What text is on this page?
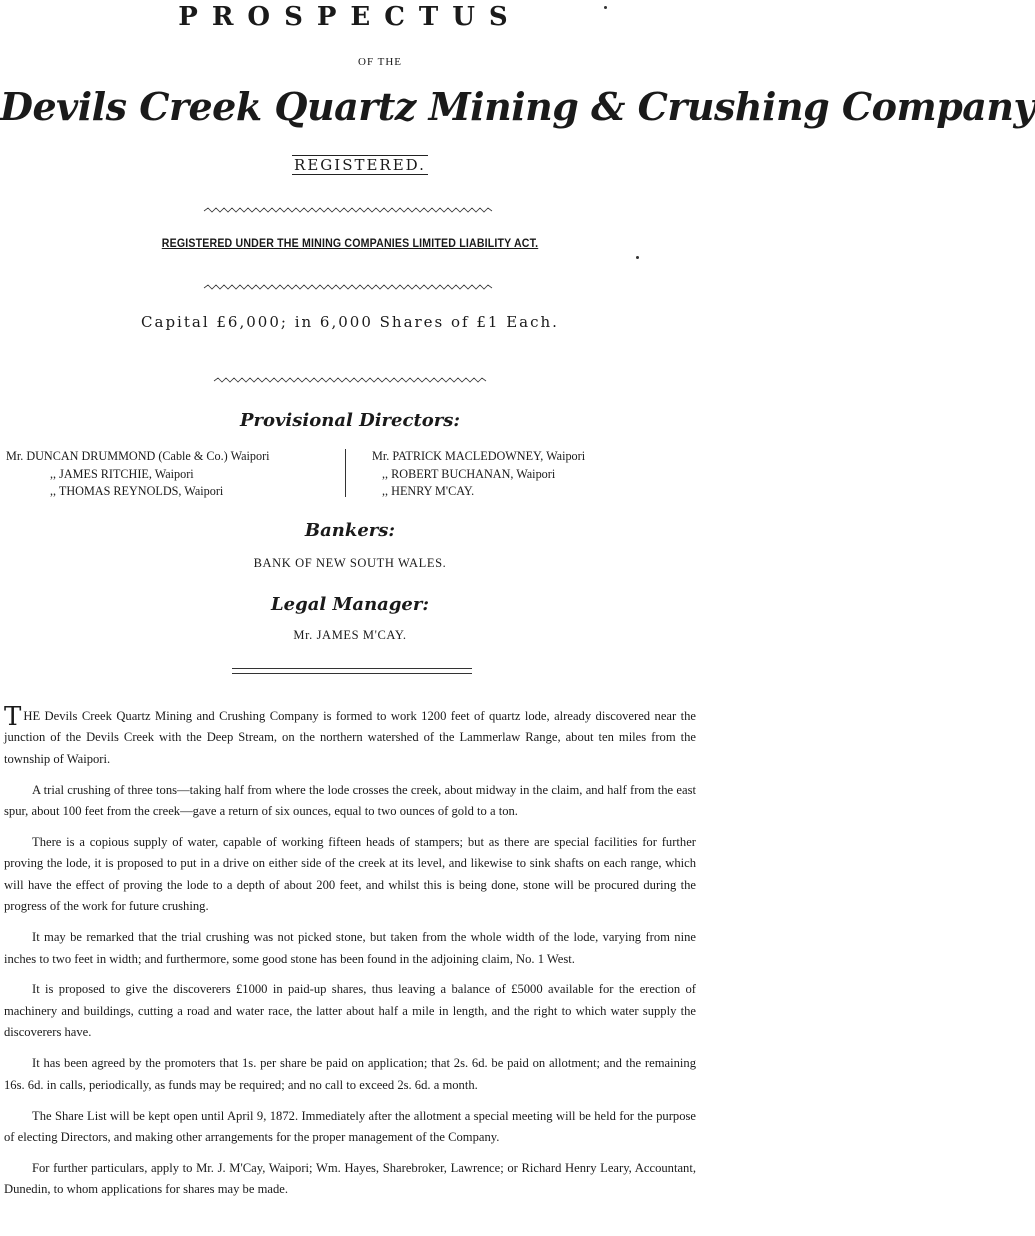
PROSPECTUS
OF THE
Devils Creek Quartz Mining & Crushing Company
REGISTERED.
REGISTERED UNDER THE MINING COMPANIES LIMITED LIABILITY ACT.
Capital £6,000; in 6,000 Shares of £1 Each.
Provisional Directors:
Mr. DUNCAN DRUMMOND (Cable & Co.) Waipori
,, JAMES RITCHIE, Waipori
,, THOMAS REYNOLDS, Waipori
Mr. PATRICK MACLEDOWNEY, Waipori
,, ROBERT BUCHANAN, Waipori
,, HENRY M'CAY.
Bankers:
BANK OF NEW SOUTH WALES.
Legal Manager:
Mr. JAMES M'CAY.

THE Devils Creek Quartz Mining and Crushing Company is formed to work 1200 feet of quartz lode, already discovered near the junction of the Devils Creek with the Deep Stream, on the northern watershed of the Lammerlaw Range, about ten miles from the township of Waipori.

A trial crushing of three tons—taking half from where the lode crosses the creek, about midway in the claim, and half from the east spur, about 100 feet from the creek—gave a return of six ounces, equal to two ounces of gold to a ton.

There is a copious supply of water, capable of working fifteen heads of stampers; but as there are special facilities for further proving the lode, it is proposed to put in a drive on either side of the creek at its level, and likewise to sink shafts on each range, which will have the effect of proving the lode to a depth of about 200 feet, and whilst this is being done, stone will be procured during the progress of the work for future crushing.

It may be remarked that the trial crushing was not picked stone, but taken from the whole width of the lode, varying from nine inches to two feet in width; and furthermore, some good stone has been found in the adjoining claim, No. 1 West.

It is proposed to give the discoverers £1000 in paid-up shares, thus leaving a balance of £5000 available for the erection of machinery and buildings, cutting a road and water race, the latter about half a mile in length, and the right to which water supply the discoverers have.

It has been agreed by the promoters that 1s. per share be paid on application; that 2s. 6d. be paid on allotment; and the remaining 16s. 6d. in calls, periodically, as funds may be required; and no call to exceed 2s. 6d. a month.

The Share List will be kept open until April 9, 1872. Immediately after the allotment a special meeting will be held for the purpose of electing Directors, and making other arrangements for the proper management of the Company.

For further particulars, apply to Mr. J. M'Cay, Waipori; Wm. Hayes, Sharebroker, Lawrence; or Richard Henry Leary, Accountant, Dunedin, to whom applications for shares may be made.
